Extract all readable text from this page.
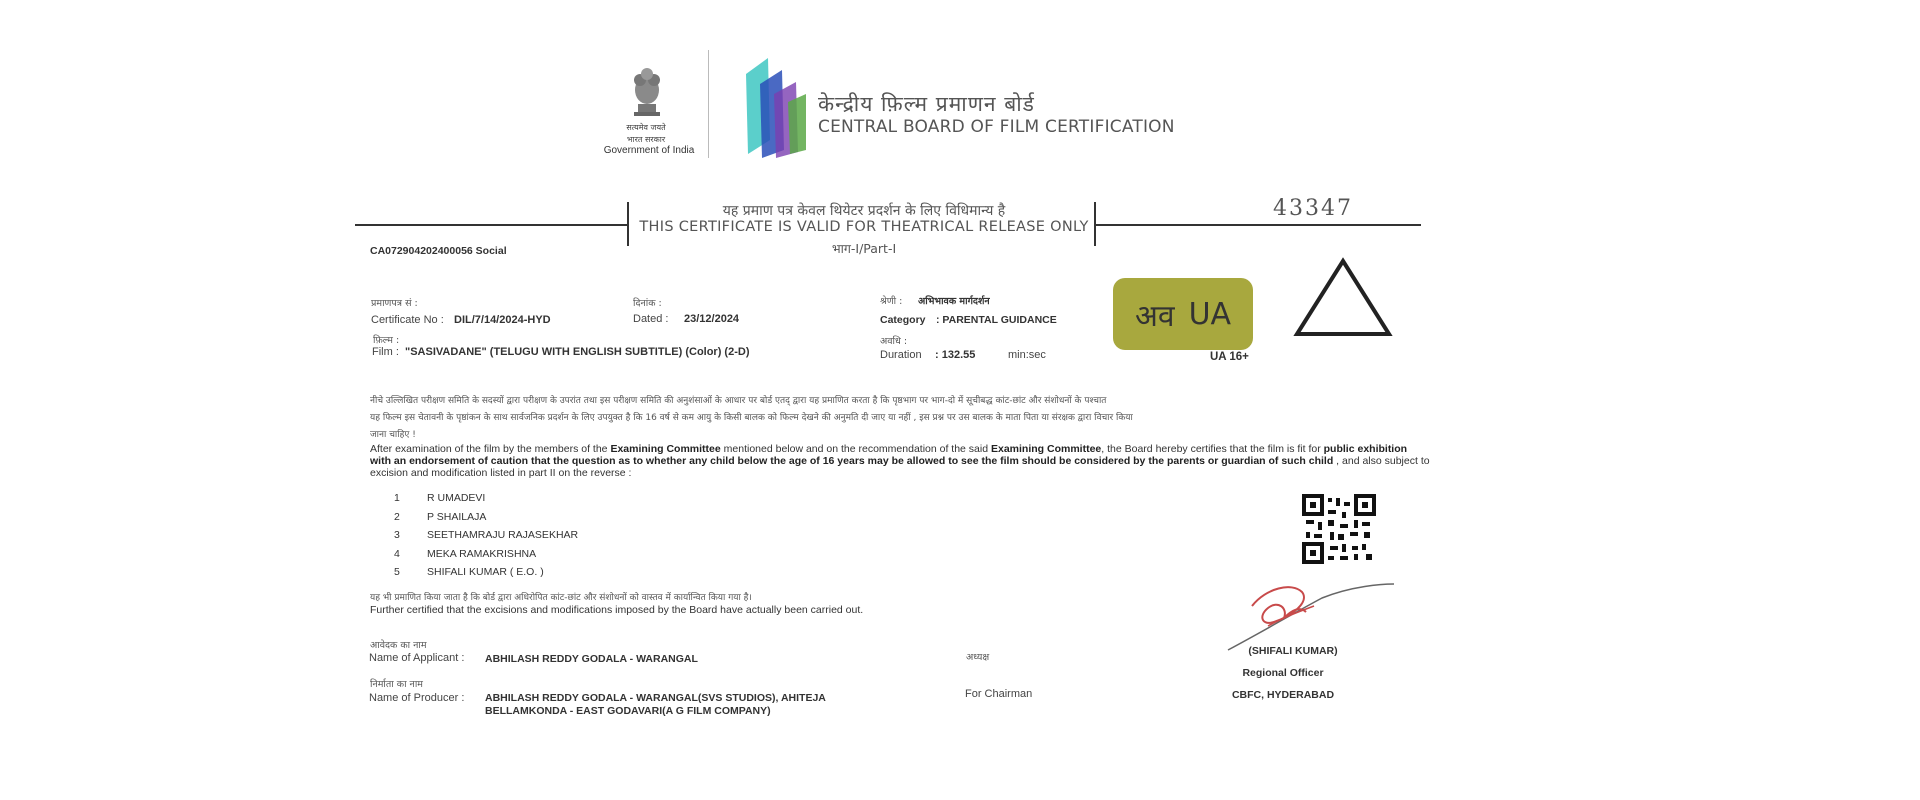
सत्यमेव जयते
भारत सरकार
Government of India
केन्द्रीय फ़िल्म प्रमाणन बोर्ड
CENTRAL BOARD OF FILM CERTIFICATION
यह प्रमाण पत्र केवल थियेटर प्रदर्शन के लिए विधिमान्य है
THIS CERTIFICATE IS VALID FOR THEATRICAL RELEASE ONLY
भाग-I/Part-I
43347
CA072904202400056 Social
प्रमाणपत्र सं :
Certificate No : DIL/7/14/2024-HYD
दिनांक :
Dated : 23/12/2024
फ़िल्म :
Film : "SASIVADANE" (TELUGU WITH ENGLISH SUBTITLE) (Color) (2-D)
श्रेणी : अभिभावक मार्गदर्शन
Category : PARENTAL GUIDANCE
अवधि :
Duration : 132.55	min:sec
अव UA
UA 16+
नीचे उल्लिखित परीक्षण समिति के सदस्यों द्वारा परीक्षण के उपरांत तथा इस परीक्षण समिति की अनुशंसाओं के आधार पर बोर्ड एतद् द्वारा यह प्रमाणित करता है कि पृष्ठभाग पर भाग-दो में सूचीबद्ध कांट-छांट और संशोधनों के पश्चात
यह फिल्म इस चेतावनी के पृष्ठांकन के साथ सार्वजनिक प्रदर्शन के लिए उपयुक्त है कि 16 वर्ष से कम आयु के किसी बालक को फिल्म देखने की अनुमति दी जाए या नहीं , इस प्रश्न पर उस बालक के माता पिता या संरक्षक द्वारा विचार किया
जाना चाहिए !
After examination of the film by the members of the Examining Committee mentioned below and on the recommendation of the said Examining Committee, the Board hereby certifies that the film is fit for public exhibition with an endorsement of caution that the question as to whether any child below the age of 16 years may be allowed to see the film should be considered by the parents or guardian of such child , and also subject to excision and modification listed in part II on the reverse :
1	R UMADEVI
2	P SHAILAJA
3	SEETHAMRAJU RAJASEKHAR
4	MEKA RAMAKRISHNA
5	SHIFALI KUMAR ( E.O. )
यह भी प्रमाणित किया जाता है कि बोर्ड द्वारा अधिरोपित कांट-छांट और संशोधनों को वास्तव में कार्यान्वित किया गया है।
Further certified that the excisions and modifications imposed by the Board have actually been carried out.
आवेदक का नाम
Name of Applicant : ABHILASH REDDY GODALA - WARANGAL
निर्माता का नाम
Name of Producer : ABHILASH REDDY GODALA - WARANGAL(SVS STUDIOS), AHITEJA
BELLAMKONDA - EAST GODAVARI(A G FILM COMPANY)
अध्यक्ष
For Chairman
(SHIFALI KUMAR)
Regional Officer
CBFC, HYDERABAD
